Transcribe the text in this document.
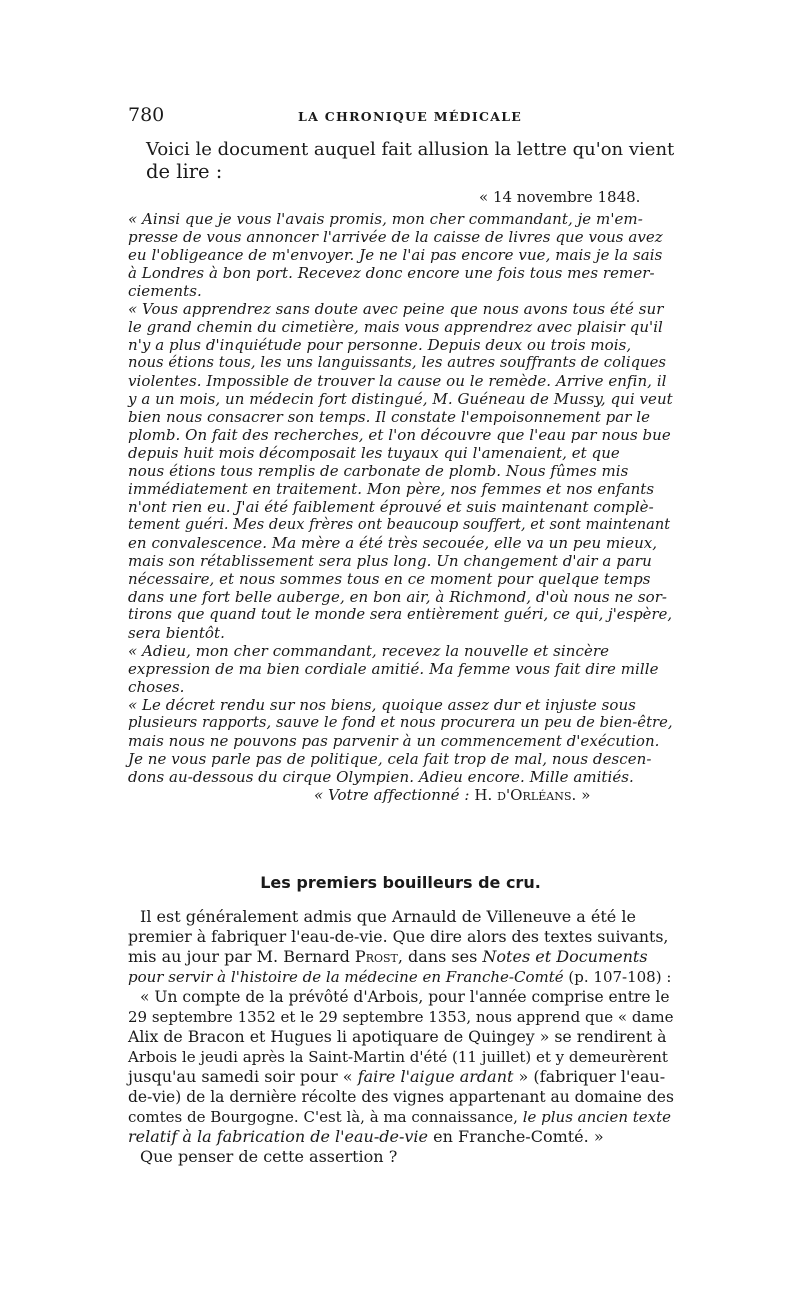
780	LA CHRONIQUE MÉDICALE
Voici le document auquel fait allusion la lettre qu'on vient
de lire :
« 14 novembre 1848.
« Ainsi que je vous l'avais promis, mon cher commandant, je m'em-
presse de vous annoncer l'arrivée de la caisse de livres que vous avez
eu l'obligeance de m'envoyer. Je ne l'ai pas encore vue, mais je la sais
à Londres à bon port. Recevez donc encore une fois tous mes remer-
ciements.
« Vous apprendrez sans doute avec peine que nous avons tous été sur
le grand chemin du cimetière, mais vous apprendrez avec plaisir qu'il
n'y a plus d'inquiétude pour personne. Depuis deux ou trois mois,
nous étions tous, les uns languissants, les autres souffrants de coliques
violentes. Impossible de trouver la cause ou le remède. Arrive enfin, il
y a un mois, un médecin fort distingué, M. Guéneau de Mussy, qui veut
bien nous consacrer son temps. Il constate l'empoisonnement par le
plomb. On fait des recherches, et l'on découvre que l'eau par nous bue
depuis huit mois décomposait les tuyaux qui l'amenaient, et que
nous étions tous remplis de carbonate de plomb. Nous fûmes mis
immédiatement en traitement. Mon père, nos femmes et nos enfants
n'ont rien eu. J'ai été faiblement éprouvé et suis maintenant complè-
tement guéri. Mes deux frères ont beaucoup souffert, et sont maintenant
en convalescence. Ma mère a été très secouée, elle va un peu mieux,
mais son rétablissement sera plus long. Un changement d'air a paru
nécessaire, et nous sommes tous en ce moment pour quelque temps
dans une fort belle auberge, en bon air, à Richmond, d'où nous ne sor-
tirons que quand tout le monde sera entièrement guéri, ce qui, j'espère,
sera bientôt.
« Adieu, mon cher commandant, recevez la nouvelle et sincère
expression de ma bien cordiale amitié. Ma femme vous fait dire mille
choses.
« Le décret rendu sur nos biens, quoique assez dur et injuste sous
plusieurs rapports, sauve le fond et nous procurera un peu de bien-être,
mais nous ne pouvons pas parvenir à un commencement d'exécution.
Je ne vous parle pas de politique, cela fait trop de mal, nous descen-
dons au-dessous du cirque Olympien. Adieu encore. Mille amitiés.
« Votre affectionné : H. d'Orléans. »
Les premiers bouilleurs de cru.
Il est généralement admis que Arnauld de Villeneuve a été le
premier à fabriquer l'eau-de-vie. Que dire alors des textes suivants,
mis au jour par M. Bernard Prost, dans ses Notes et Documents
pour servir à l'histoire de la médecine en Franche-Comté (p. 107-108) :
« Un compte de la prévôté d'Arbois, pour l'année comprise entre le
29 septembre 1352 et le 29 septembre 1353, nous apprend que « dame
Alix de Bracon et Hugues li apotiquare de Quingey » se rendirent à
Arbois le jeudi après la Saint-Martin d'été (11 juillet) et y demeurèrent
jusqu'au samedi soir pour « faire l'aigue ardant » (fabriquer l'eau-
de-vie) de la dernière récolte des vignes appartenant au domaine des
comtes de Bourgogne. C'est là, à ma connaissance, le plus ancien texte
relatif à la fabrication de l'eau-de-vie en Franche-Comté. »
Que penser de cette assertion ?
